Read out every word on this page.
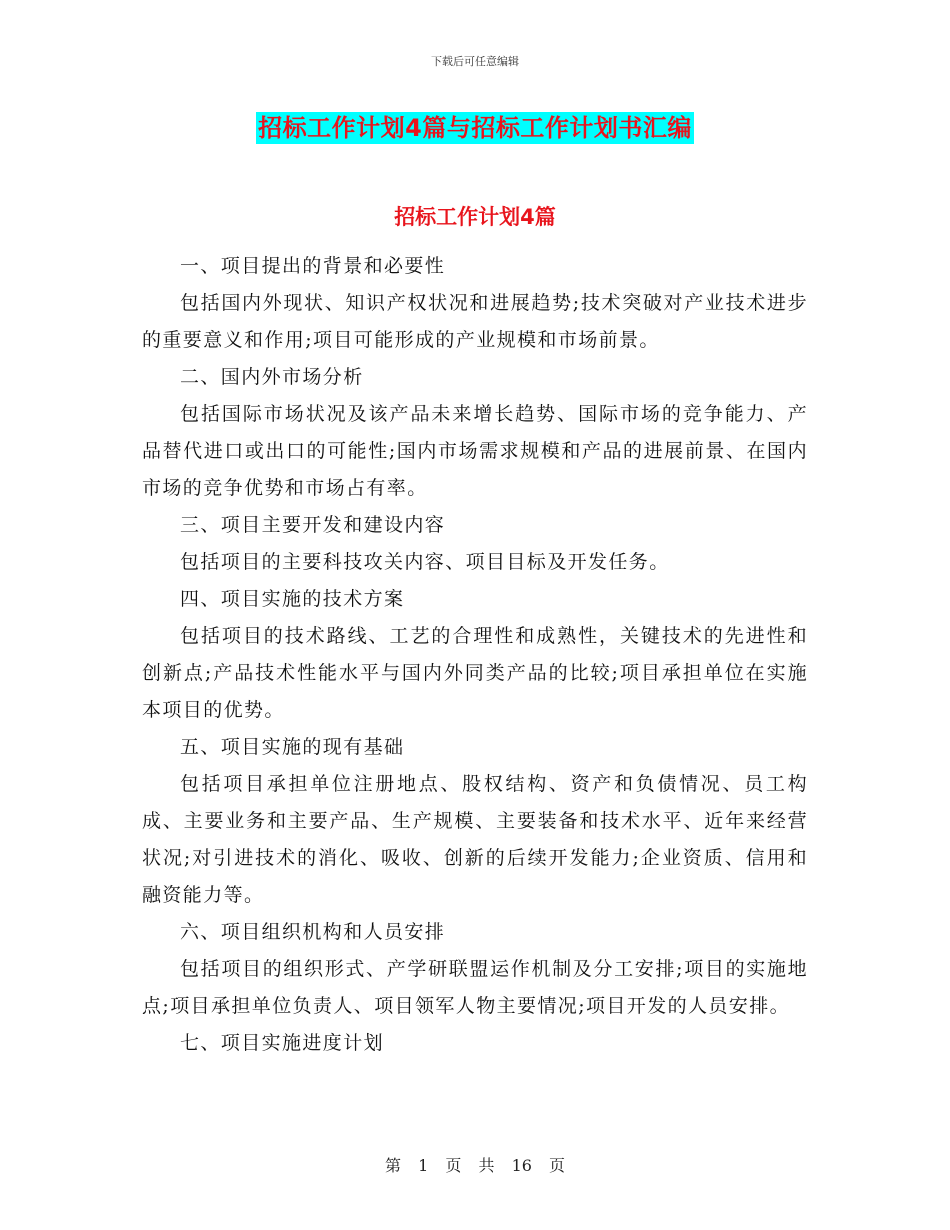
下载后可任意编辑
招标工作计划4篇与招标工作计划书汇编
招标工作计划4篇

一、项目提出的背景和必要性

包括国内外现状、知识产权状况和进展趋势;技术突破对产业技术进步的重要意义和作用;项目可能形成的产业规模和市场前景。

二、国内外市场分析

包括国际市场状况及该产品未来增长趋势、国际市场的竞争能力、产品替代进口或出口的可能性;国内市场需求规模和产品的进展前景、在国内市场的竞争优势和市场占有率。

三、项目主要开发和建设内容

包括项目的主要科技攻关内容、项目目标及开发任务。

四、项目实施的技术方案

包括项目的技术路线、工艺的合理性和成熟性，关键技术的先进性和创新点;产品技术性能水平与国内外同类产品的比较;项目承担单位在实施本项目的优势。

五、项目实施的现有基础

包括项目承担单位注册地点、股权结构、资产和负债情况、员工构成、主要业务和主要产品、生产规模、主要装备和技术水平、近年来经营状况;对引进技术的消化、吸收、创新的后续开发能力;企业资质、信用和融资能力等。

六、项目组织机构和人员安排

包括项目的组织形式、产学研联盟运作机制及分工安排;项目的实施地点;项目承担单位负责人、项目领军人物主要情况;项目开发的人员安排。

七、项目实施进度计划

第 1 页 共 16 页
